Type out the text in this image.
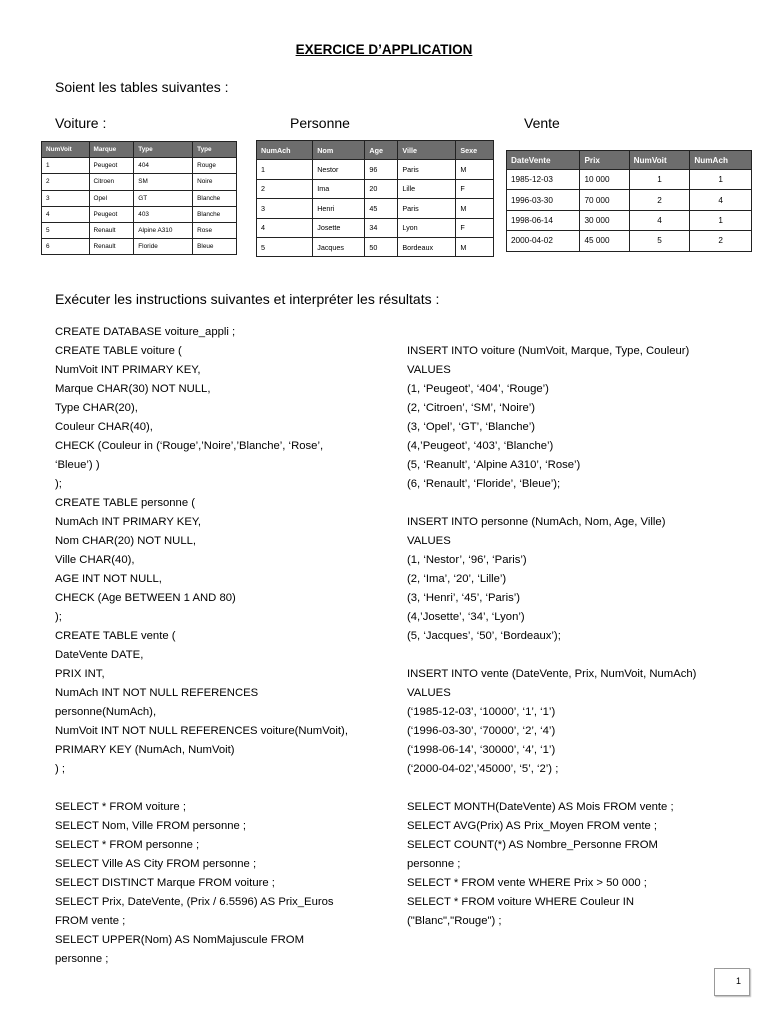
EXERCICE D’APPLICATION
Soient les tables suivantes :
Voiture :	Personne	Vente
NumVoit	Marque	Type	Type
1	Peugeot	404	Rouge
2	Citroen	SM	Noire
3	Opel	GT	Blanche
4	Peugeot	403	Blanche
5	Renault	Alpine A310	Rose
6	Renault	Floride	Bleue
NumAch	Nom	Age	Ville	Sexe
1	Nestor	96	Paris	M
2	Ima	20	Lille	F
3	Henri	45	Paris	M
4	Josette	34	Lyon	F
5	Jacques	50	Bordeaux	M
DateVente	Prix	NumVoit	NumAch
1985-12-03	10 000	1	1
1996-03-30	70 000	2	4
1998-06-14	30 000	4	1
2000-04-02	45 000	5	2
Exécuter les instructions suivantes et interpréter les résultats :
CREATE DATABASE voiture_appli ;
CREATE TABLE voiture (
NumVoit INT PRIMARY KEY,
Marque CHAR(30) NOT NULL,
Type CHAR(20),
Couleur CHAR(40),
CHECK (Couleur in (‘Rouge’,’Noire’,’Blanche’, ‘Rose’,
‘Bleue’) )
);
CREATE TABLE personne (
NumAch INT PRIMARY KEY,
Nom CHAR(20) NOT NULL,
Ville CHAR(40),
AGE INT NOT NULL,
CHECK (Age BETWEEN 1 AND 80)
);
CREATE TABLE vente (
DateVente DATE,
PRIX INT,
NumAch INT NOT NULL REFERENCES
personne(NumAch),
NumVoit INT NOT NULL REFERENCES voiture(NumVoit),
PRIMARY KEY (NumAch, NumVoit)
) ;
SELECT * FROM voiture ;
SELECT Nom, Ville FROM personne ;
SELECT * FROM personne ;
SELECT Ville AS City FROM personne ;
SELECT DISTINCT Marque FROM voiture ;
SELECT Prix, DateVente, (Prix / 6.5596) AS Prix_Euros
FROM vente ;
SELECT UPPER(Nom) AS NomMajuscule FROM
personne ;
INSERT INTO voiture (NumVoit, Marque, Type, Couleur)
VALUES
(1, ‘Peugeot’, ‘404’, ‘Rouge’)
(2, ‘Citroen’, ‘SM’, ‘Noire’)
(3, ‘Opel’, ‘GT’, ‘Blanche’)
(4,’Peugeot’, ‘403’, ‘Blanche’)
(5, ‘Reanult’, ‘Alpine A310’, ‘Rose’)
(6, ‘Renault’, ‘Floride’, ‘Bleue’);
INSERT INTO personne (NumAch, Nom, Age, Ville)
VALUES
(1, ‘Nestor’, ‘96’, ‘Paris’)
(2, ‘Ima’, ‘20’, ‘Lille’)
(3, ‘Henri’, ‘45’, ‘Paris’)
(4,’Josette’, ‘34’, ‘Lyon’)
(5, ‘Jacques’, ‘50’, ‘Bordeaux’);
INSERT INTO vente (DateVente, Prix, NumVoit, NumAch)
VALUES
(‘1985-12-03’, ‘10000’, ‘1’, ‘1’)
(‘1996-03-30’, ‘70000’, ‘2’, ‘4’)
(‘1998-06-14’, ‘30000’, ‘4’, ‘1’)
(‘2000-04-02’,’45000’, ‘5’, ‘2’) ;
SELECT MONTH(DateVente) AS Mois FROM vente ;
SELECT AVG(Prix) AS Prix_Moyen FROM vente ;
SELECT COUNT(*) AS Nombre_Personne FROM
personne ;
SELECT * FROM vente WHERE Prix > 50 000 ;
SELECT * FROM voiture WHERE Couleur IN
("Blanc","Rouge") ;
1
